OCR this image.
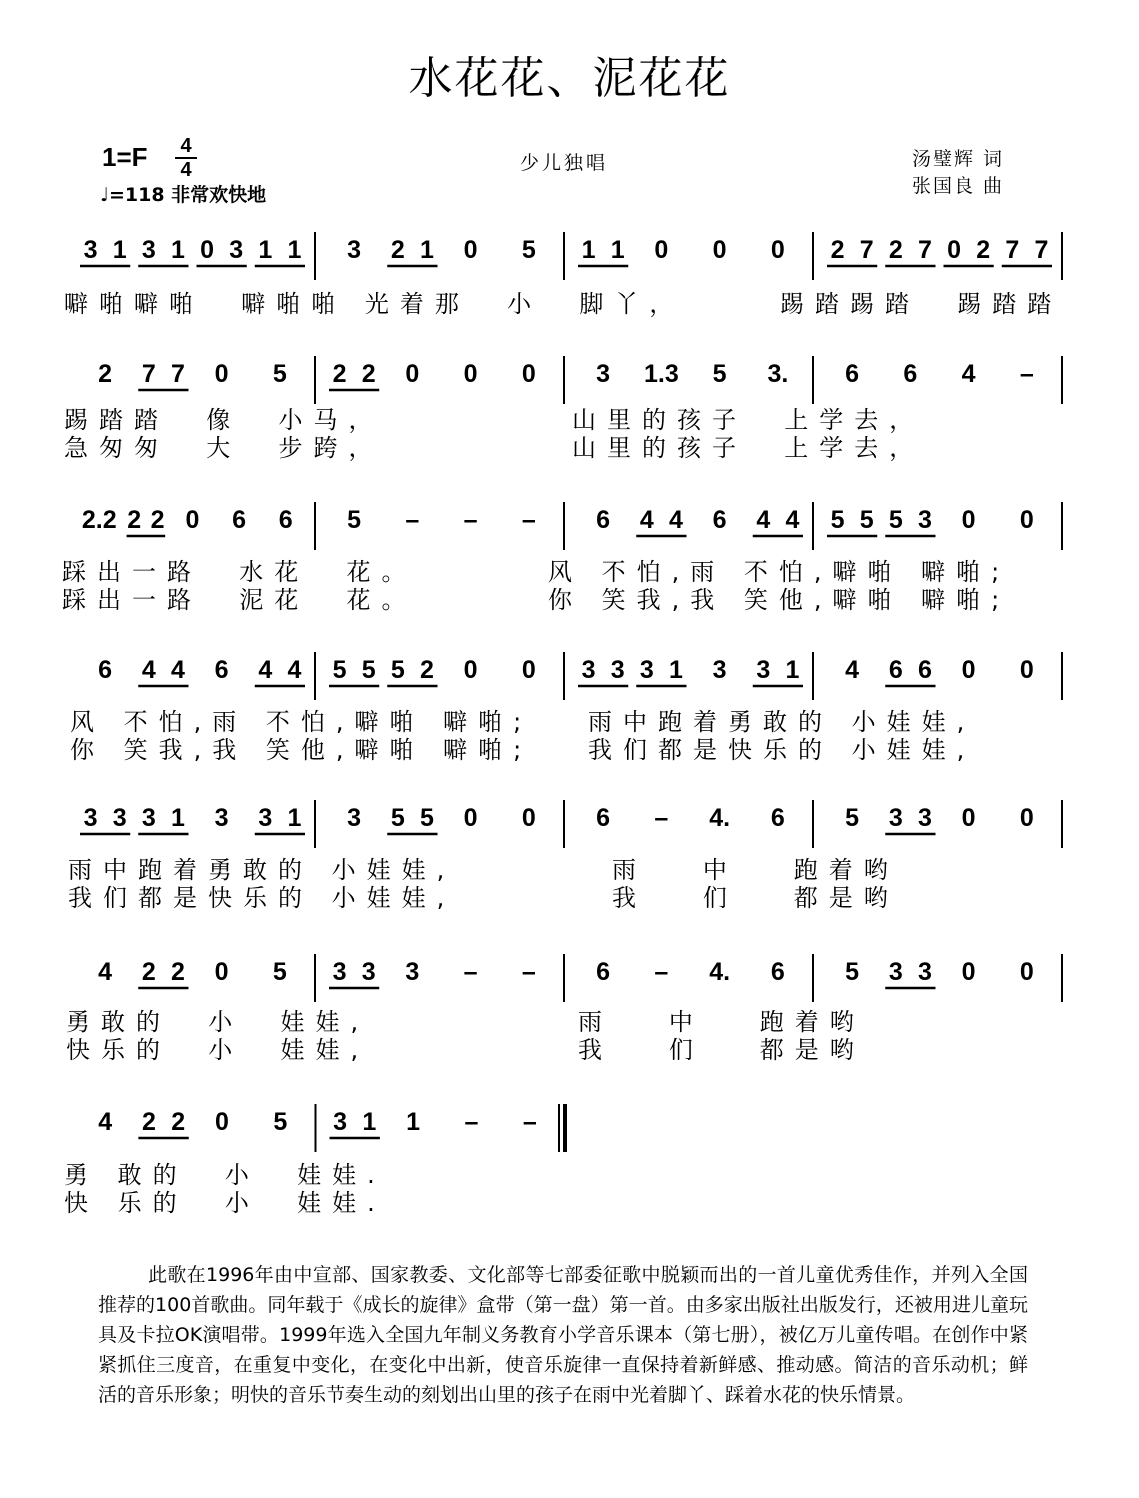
水花花、泥花花
1=F 4
4
♩=118 非常欢快地
少儿独唱	汤璧辉 词
张国良 曲
3 1 3 1 0 3 1 1 3 2 1 0 5 1 1 0 0 0 2 7 2 7 0 2 7 7
2 7 7 0 5 2 2 0 0 0 3 1.3 5 3. 6 6 4 –
2.2 2 2 0 6 6 5 – – – 6 4 4 6 4 4 5 5 5 3 0 0
6 4 4 6 4 4 5 5 5 2 0 0 3 3 3 1 3 3 1 4 6 6 0 0
3 3 3 1 3 3 1 3 5 5 0 0 6 – 4. 6 5 3 3 0 0
4 2 2 0 5 3 3 3 – – 6 – 4. 6 5 3 3 0 0
4 2 2 0 5 3 1 1 – –
噼啪噼啪  噼啪啪 光着那  小  脚丫，	踢踏踢踏  踢踏踏
踢踏踏  像  小马，
急匆匆  大  步跨，
山里的孩子  上学去，
山里的孩子  上学去，
踩出一路  水花  花。
踩出一路  泥花  花。
风 不怕,雨 不怕,噼啪 噼啪;
你 笑我,我 笑他,噼啪 噼啪;
风 不怕,雨 不怕,噼啪 噼啪;
你 笑我,我 笑他,噼啪 噼啪;
雨中跑着勇敢的 小娃娃,
我们都是快乐的 小娃娃,
雨中跑着勇敢的 小娃娃,
我们都是快乐的 小娃娃,
雨   中   跑着哟
我   们   都是哟
勇敢的  小  娃娃,
快乐的  小  娃娃,
雨   中   跑着哟
我   们   都是哟
勇 敢的  小  娃娃.
快 乐的  小  娃娃.
此歌在1996年由中宣部、国家教委、文化部等七部委征歌中脱颖而出的一首儿童优秀佳作，并列入全国推荐的100首歌曲。同年载于《成长的旋律》盒带（第一盘）第一首。由多家出版社出版发行，还被用进儿童玩具及卡拉OK演唱带。1999年选入全国九年制义务教育小学音乐课本（第七册），被亿万儿童传唱。在创作中紧紧抓住三度音，在重复中变化，在变化中出新，使音乐旋律一直保持着新鲜感、推动感。简洁的音乐动机；鲜活的音乐形象；明快的音乐节奏生动的刻划出山里的孩子在雨中光着脚丫、踩着水花的快乐情景。
